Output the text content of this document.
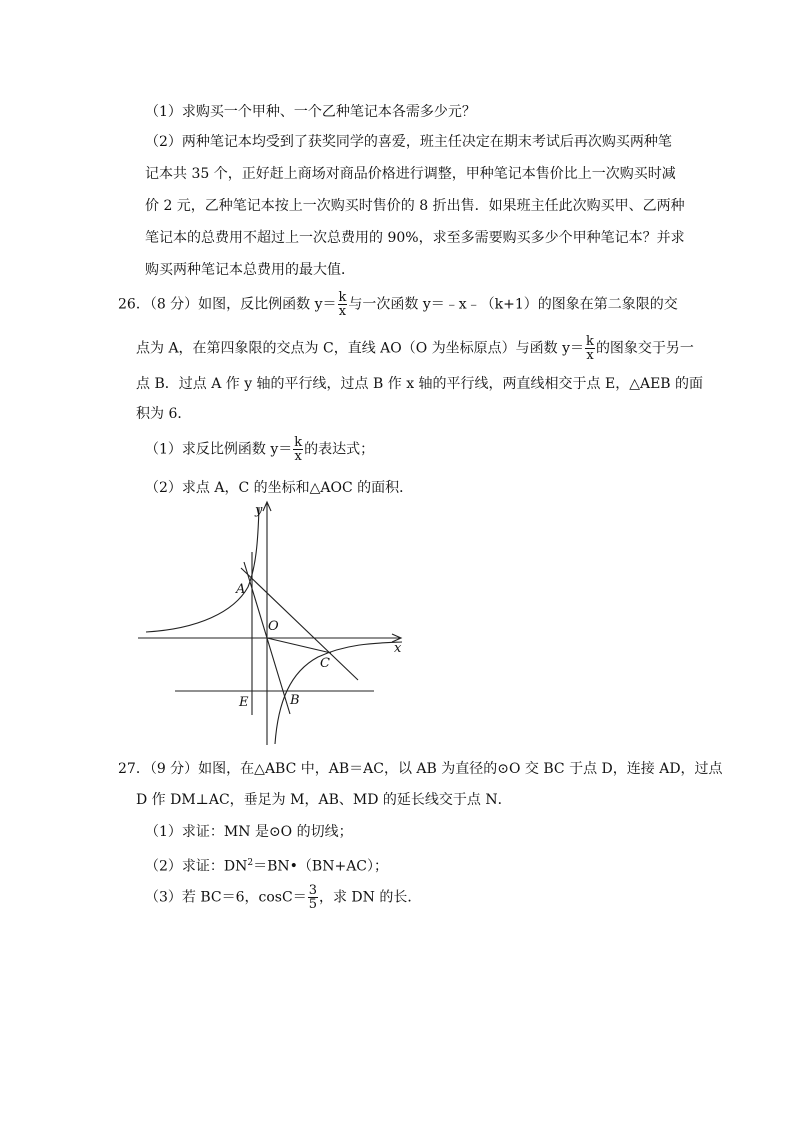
（1）求购买一个甲种、一个乙种笔记本各需多少元？
（2）两种笔记本均受到了获奖同学的喜爱，班主任决定在期末考试后再次购买两种笔
记本共 35 个，正好赶上商场对商品价格进行调整，甲种笔记本售价比上一次购买时减
价 2 元，乙种笔记本按上一次购买时售价的 8 折出售．如果班主任此次购买甲、乙两种
笔记本的总费用不超过上一次总费用的 90%，求至多需要购买多少个甲种笔记本？并求
购买两种笔记本总费用的最大值．
26．（8 分）如图，反比例函数 $y= \frac{k}{x}$ 与一次函数 y＝﹣x﹣（k+1）的图象在第二象限的交
点为 A，在第四象限的交点为 C，直线 AO（O 为坐标原点）与函数 $y= \frac{k}{x}$ 的图象交于另一
点 B．过点 A 作 y 轴的平行线，过点 B 作 x 轴的平行线，两直线相交于点 E，△AEB 的面
积为 6．
（1）求反比例函数 $y= \frac{k}{x}$ 的表达式；
（2）求点 A，C 的坐标和△AOC 的面积．
y
x
O
A
C
E	B
27．（9 分）如图，在△ABC 中，AB＝AC，以 AB 为直径的⊙O 交 BC 于点 D，连接 AD，过点
D 作 DM⊥AC，垂足为 M，AB、MD 的延长线交于点 N．
（1）求证：MN 是⊙O 的切线；
（2）求证：$DN^2=BN•(BN+AC)$；
（3）若 BC＝6，$\cos C= \frac{3}{5}$ ，求 DN 的长．
